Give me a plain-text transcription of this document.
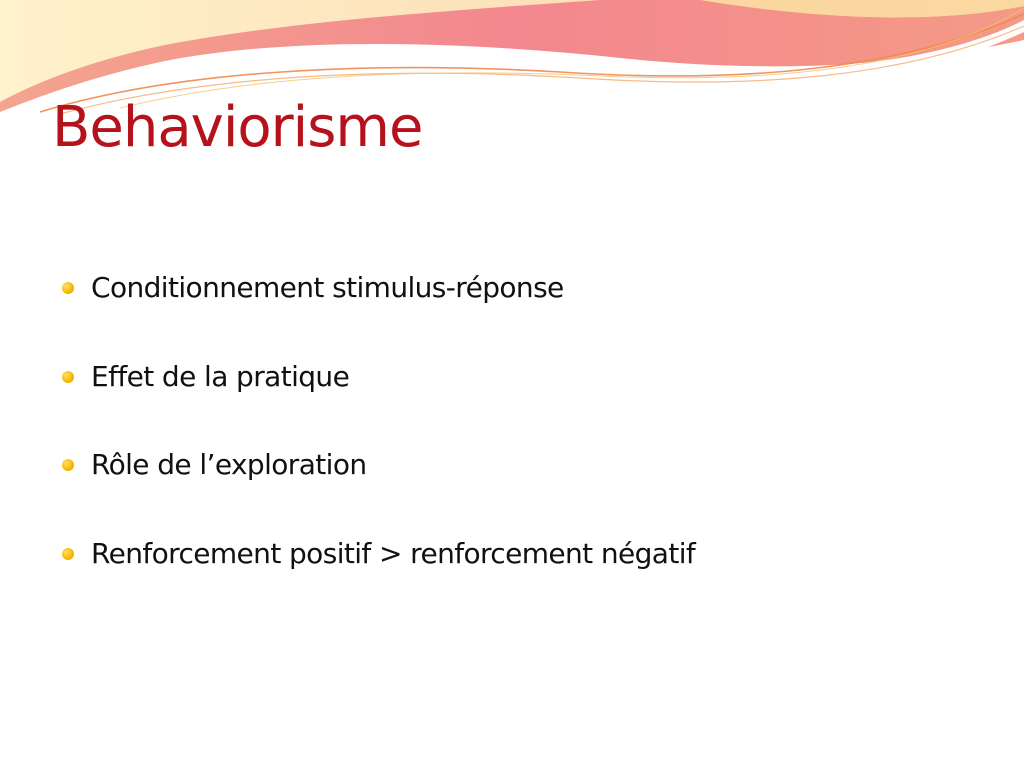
Behaviorisme
Conditionnement stimulus-réponse
Effet de la pratique
Rôle de l’exploration
Renforcement positif > renforcement négatif
